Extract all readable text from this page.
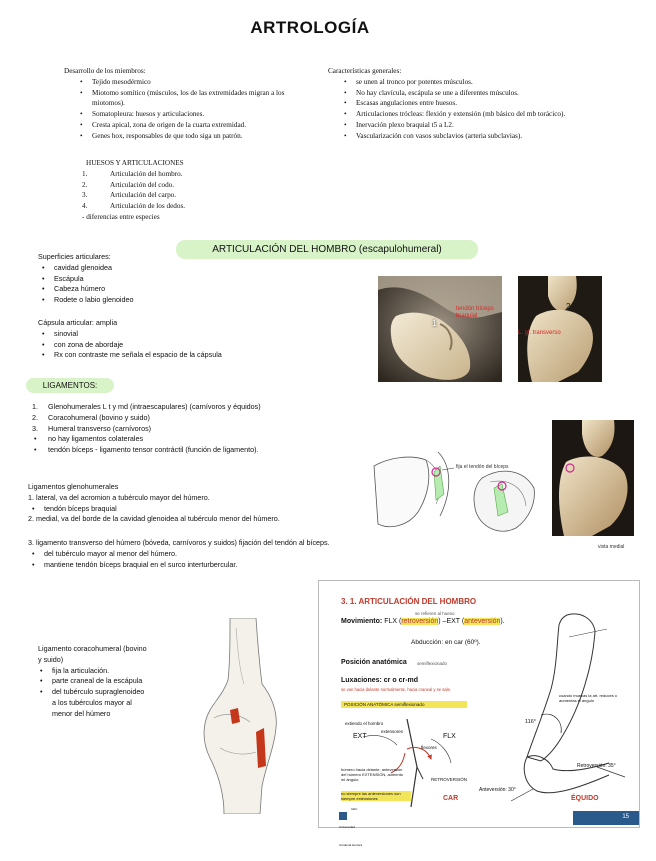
ARTROLOGÍA
Desarrollo de los miembros:
• Tejido mesodérmico
• Miotomo somítico (músculos, los de las extremidades migran a los miotomos).
• Somatopleura: huesos y articulaciones.
• Cresta apical, zona de origen de la cuarta extremidad.
• Genes hox, responsables de que todo siga un patrón.
Características generales:
• se unen al tronco por potentes músculos.
• No hay clavícula, escápula se une a diferentes músculos.
• Escasas angulaciones entre huesos.
• Articulaciones trócleas: flexión y extensión (mb básico del mb torácico).
• Inervación plexo braquial t5 a L2.
• Vascularización con vasos subclavios (arteria subclavias).
HUESOS Y ARTICULACIONES
1.	Articulación del hombro.
2.	Articulación del codo.
3.	Articulación del carpo.
4.	Articulación de los dedos.
- diferencias entre especies
ARTICULACIÓN DEL HOMBRO (escapulohumeral)
Superficies articulares:
• cavidad glenoidea
• Escápula
• Cabeza húmero
• Rodete o labio glenoideo
Cápsula articular: amplia
• sinovial
• con zona de abordaje
• Rx con contraste me señala el espacio de la cápsula
LIGAMENTOS:
1. Glenohumerales L t y md (intraescapulares) (carnívoros y équidos)
2. Coracohumeral (bovino y suido)
3. Humeral transverso (carnívoros)
• no hay ligamentos colaterales
• tendón bíceps - ligamento tensor contráctil (función de ligamento).
Ligamentos glenohumerales
1. lateral, va del acromion a tubérculo mayor del húmero.
• tendón bíceps braquial
2. medial, va del borde de la cavidad glenoidea al tubérculo menor del húmero.
3. ligamento transverso del húmero (bóveda, carnívoros y suidos) fijación del tendón al bíceps.
• del tubérculo mayor al menor del húmero.
• mantiene tendón bíceps braquial en el surco interturbercular.
Ligamento coracohumeral (bovino y suido)
• fija la articulación.
• parte craneal de la escápula
• del tubérculo supraglenoideo a los tubérculos mayor al menor del húmero
1
tendón bíceps braquial
2
L. gl. transverso
fija el tendón del bíceps
vista medial
3. 1. ARTICULACIÓN DEL HOMBRO
se refieren al hueso
Movimiento: FLX (retroversión) –EXT (anteversión).
Abducción: en car (60º).
Posición anatómica semiflexionado
Luxaciones: cr o cr-md
se van hacia delante normalmente, hacia craneal y se sale.
POSICIÓN ANATÓMICA semiflexionado
extiendo el hombro
EXT	FLX
extensores
flexores
RETROVERSIÓN
húmero hacia delante, anteversión del húmero EXTENSIÓN, aumento mi ángulo.
no siempre las anteversiones son siempre extensiones	CAR
cuando muevas la art. reduces o aumentas el ángulo
116°
Retroversión: 35°
Anteversión: 30°
ÉQUIDO
$^{CEU Universidad Cardenal Herrera}$
15
